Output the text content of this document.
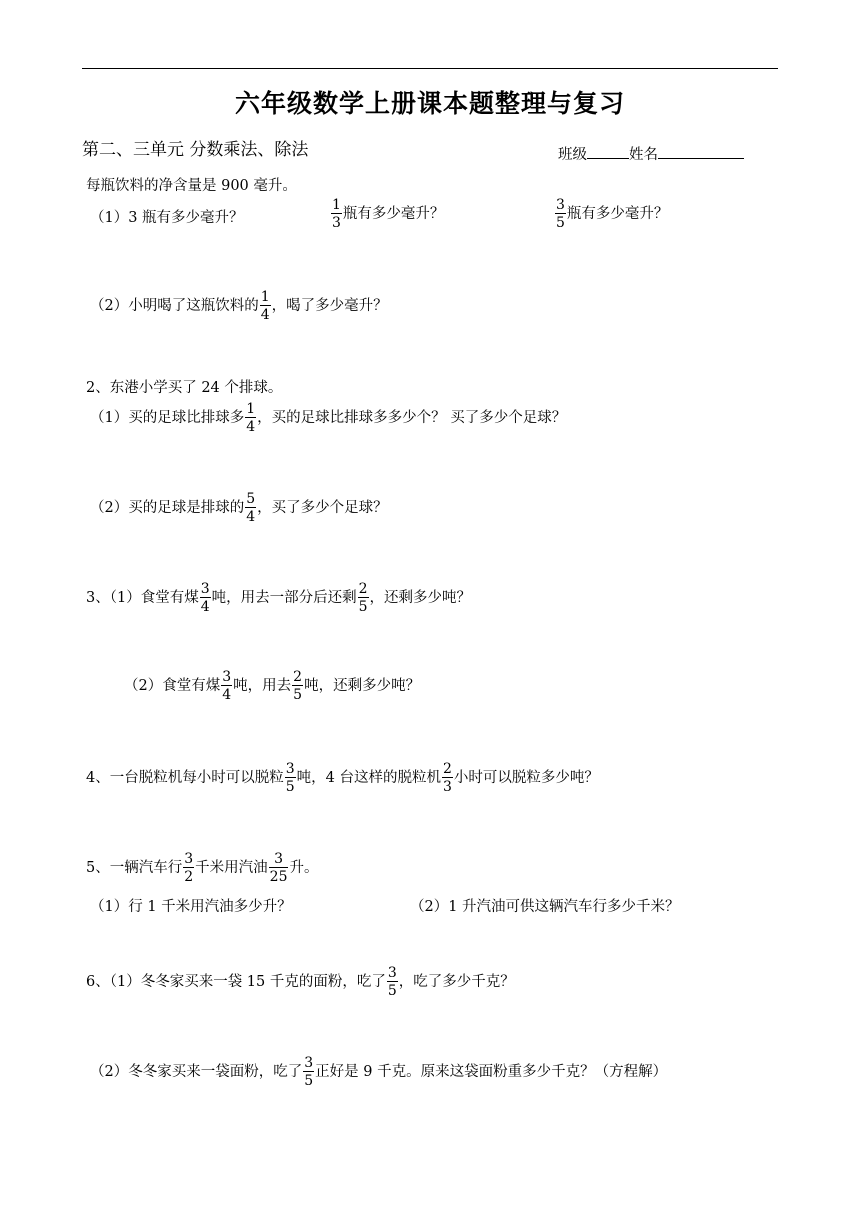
六年级数学上册课本题整理与复习
第二、三单元 分数乘法、除法	班级	姓名
每瓶饮料的净含量是 900 毫升。
（1）3 瓶有多少毫升？	$\frac{1}{3}$ 瓶有多少毫升？	$\frac{3}{5}$ 瓶有多少毫升？
（2）小明喝了这瓶饮料的 $\frac{1}{4}$ ，喝了多少毫升？
2、东港小学买了 24 个排球。
（1）买的足球比排球多 $\frac{1}{4}$ ，买的足球比排球多多少个？ 买了多少个足球？
（2）买的足球是排球的 $\frac{5}{4}$ ，买了多少个足球？
3、（1）食堂有煤 $\frac{3}{4}$ 吨，用去一部分后还剩 $\frac{2}{5}$ ，还剩多少吨？
（2）食堂有煤 $\frac{3}{4}$ 吨，用去 $\frac{2}{5}$ 吨，还剩多少吨？
4、一台脱粒机每小时可以脱粒 $\frac{3}{5}$ 吨，4 台这样的脱粒机 $\frac{2}{3}$ 小时可以脱粒多少吨？
5、一辆汽车行 $\frac{3}{2}$ 千米用汽油 $\frac{3}{25}$ 升。
（1）行 1 千米用汽油多少升？	（2）1 升汽油可供这辆汽车行多少千米？
6、（1）冬冬家买来一袋 15 千克的面粉，吃了 $\frac{3}{5}$ ，吃了多少千克？
（2）冬冬家买来一袋面粉，吃了 $\frac{3}{5}$ 正好是 9 千克。原来这袋面粉重多少千克？（方程解）
